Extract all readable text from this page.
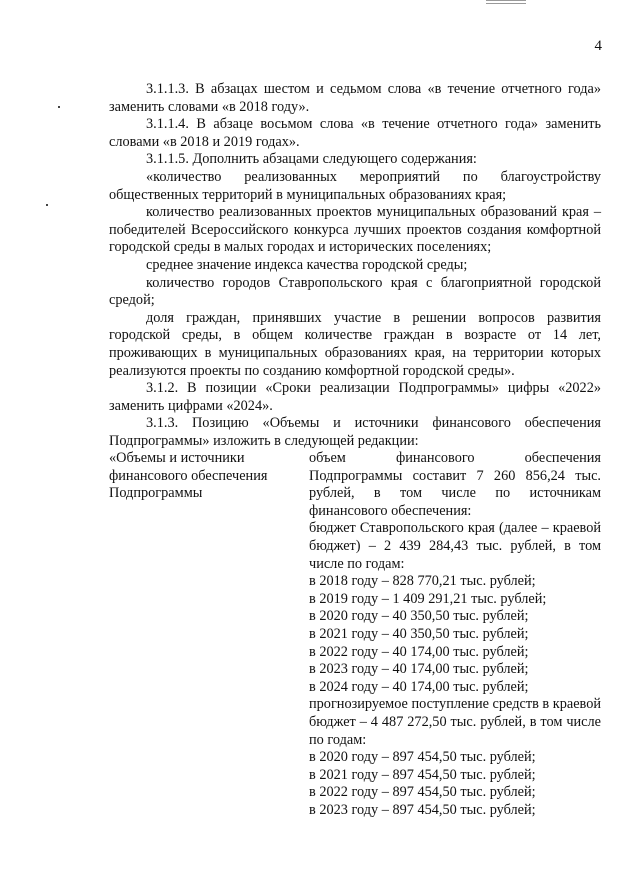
4

3.1.1.3. В абзацах шестом и седьмом слова «в течение отчетного года» заменить словами «в 2018 году».

3.1.1.4. В абзаце восьмом слова «в течение отчетного года» заменить словами «в 2018 и 2019 годах».

3.1.1.5. Дополнить абзацами следующего содержания:

«количество реализованных мероприятий по благоустройству общественных территорий в муниципальных образованиях края;

количество реализованных проектов муниципальных образований края – победителей Всероссийского конкурса лучших проектов создания комфортной городской среды в малых городах и исторических поселениях;

среднее значение индекса качества городской среды;

количество городов Ставропольского края с благоприятной городской средой;

доля граждан, принявших участие в решении вопросов развития городской среды, в общем количестве граждан в возрасте от 14 лет, проживающих в муниципальных образованиях края, на территории которых реализуются проекты по созданию комфортной городской среды».

3.1.2. В позиции «Сроки реализации Подпрограммы» цифры «2022» заменить цифрами «2024».

3.1.3. Позицию «Объемы и источники финансового обеспечения Подпрограммы» изложить в следующей редакции:

«Объемы и источники финансового обеспечения Подпрограммы

объем финансового обеспечения Подпрограммы составит 7 260 856,24 тыс. рублей, в том числе по источникам финансового обеспечения:

бюджет Ставропольского края (далее – краевой бюджет) – 2 439 284,43 тыс. рублей, в том числе по годам:

в 2018 году – 828 770,21 тыс. рублей;

в 2019 году – 1 409 291,21 тыс. рублей;

в 2020 году – 40 350,50 тыс. рублей;

в 2021 году – 40 350,50 тыс. рублей;

в 2022 году – 40 174,00 тыс. рублей;

в 2023 году – 40 174,00 тыс. рублей;

в 2024 году – 40 174,00 тыс. рублей;

прогнозируемое поступление средств в краевой бюджет – 4 487 272,50 тыс. рублей, в том числе по годам:

в 2020 году – 897 454,50 тыс. рублей;

в 2021 году – 897 454,50 тыс. рублей;

в 2022 году – 897 454,50 тыс. рублей;

в 2023 году – 897 454,50 тыс. рублей;
